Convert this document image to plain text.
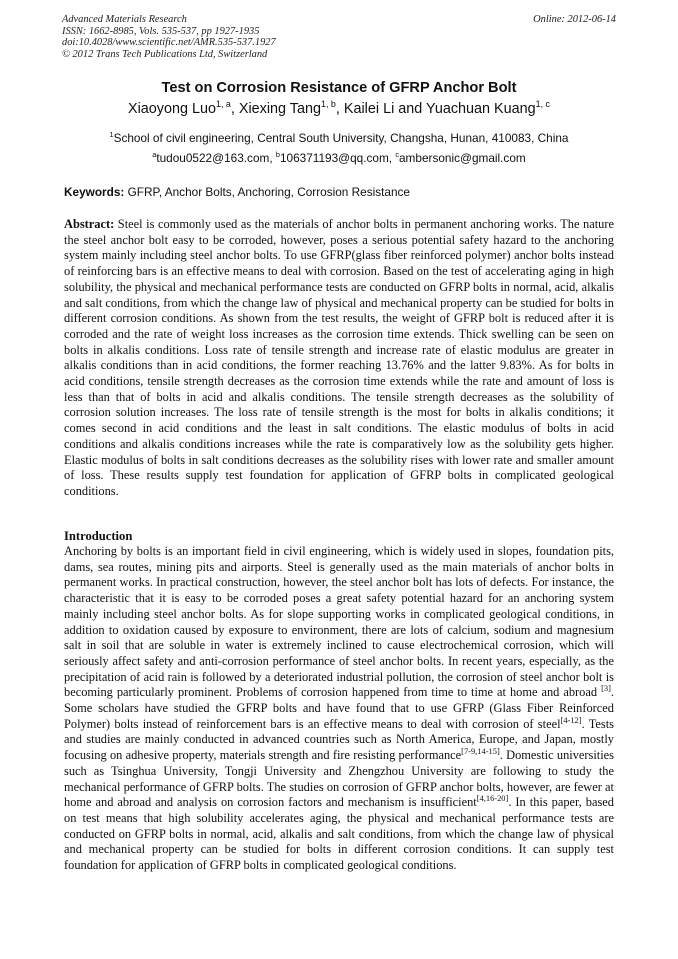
Advanced Materials Research
ISSN: 1662-8985, Vols. 535-537, pp 1927-1935
doi:10.4028/www.scientific.net/AMR.535-537.1927
© 2012 Trans Tech Publications Ltd, Switzerland
Online: 2012-06-14
Test on Corrosion Resistance of GFRP Anchor Bolt
Xiaoyong Luo$^{1, a}$, Xiexing Tang$^{1, b}$, Kailei Li and Yuachuan Kuang$^{1, c}$
$^1$School of civil engineering, Central South University, Changsha, Hunan, 410083, China
$^a$tudou0522@163.com, $^b$106371193@qq.com, $^c$ambersonic@gmail.com
Keywords: GFRP, Anchor Bolts, Anchoring, Corrosion Resistance
Abstract: Steel is commonly used as the materials of anchor bolts in permanent anchoring works. The nature the steel anchor bolt easy to be corroded, however, poses a serious potential safety hazard to the anchoring system mainly including steel anchor bolts. To use GFRP(glass fiber reinforced polymer) anchor bolts instead of reinforcing bars is an effective means to deal with corrosion. Based on the test of accelerating aging in high solubility, the physical and mechanical performance tests are conducted on GFRP bolts in normal, acid, alkalis and salt conditions, from which the change law of physical and mechanical property can be studied for bolts in different corrosion conditions. As shown from the test results, the weight of GFRP bolt is reduced after it is corroded and the rate of weight loss increases as the corrosion time extends. Thick swelling can be seen on bolts in alkalis conditions. Loss rate of tensile strength and increase rate of elastic modulus are greater in alkalis conditions than in acid conditions, the former reaching 13.76% and the latter 9.83%. As for bolts in acid conditions, tensile strength decreases as the corrosion time extends while the rate and amount of loss is less than that of bolts in acid and alkalis conditions. The tensile strength decreases as the solubility of corrosion solution increases. The loss rate of tensile strength is the most for bolts in alkalis conditions; it comes second in acid conditions and the least in salt conditions. The elastic modulus of bolts in acid conditions and alkalis conditions increases while the rate is comparatively low as the solubility gets higher. Elastic modulus of bolts in salt conditions decreases as the solubility rises with lower rate and smaller amount of loss. These results supply test foundation for application of GFRP bolts in complicated geological conditions.
Introduction
Anchoring by bolts is an important field in civil engineering, which is widely used in slopes, foundation pits, dams, sea routes, mining pits and airports. Steel is generally used as the main materials of anchor bolts in permanent works. In practical construction, however, the steel anchor bolt has lots of defects. For instance, the characteristic that it is easy to be corroded poses a great safety potential hazard for an anchoring system mainly including steel anchor bolts. As for slope supporting works in complicated geological conditions, in addition to oxidation caused by exposure to environment, there are lots of calcium, sodium and magnesium salt in soil that are soluble in water is extremely inclined to cause electrochemical corrosion, which will seriously affect safety and anti-corrosion performance of steel anchor bolts. In recent years, especially, as the precipitation of acid rain is followed by a deteriorated industrial pollution, the corrosion of steel anchor bolt is becoming particularly prominent. Problems of corrosion happened from time to time at home and abroad [3]. Some scholars have studied the GFRP bolts and have found that to use GFRP (Glass Fiber Reinforced Polymer) bolts instead of reinforcement bars is an effective means to deal with corrosion of steel[4-12]. Tests and studies are mainly conducted in advanced countries such as North America, Europe, and Japan, mostly focusing on adhesive property, materials strength and fire resisting performance[7-9,14-15]. Domestic universities such as Tsinghua University, Tongji University and Zhengzhou University are following to study the mechanical performance of GFRP bolts. The studies on corrosion of GFRP anchor bolts, however, are fewer at home and abroad and analysis on corrosion factors and mechanism is insufficient[4,16-20]. In this paper, based on test means that high solubility accelerates aging, the physical and mechanical performance tests are conducted on GFRP bolts in normal, acid, alkalis and salt conditions, from which the change law of physical and mechanical property can be studied for bolts in different corrosion conditions. It can supply test foundation for application of GFRP bolts in complicated geological conditions.
